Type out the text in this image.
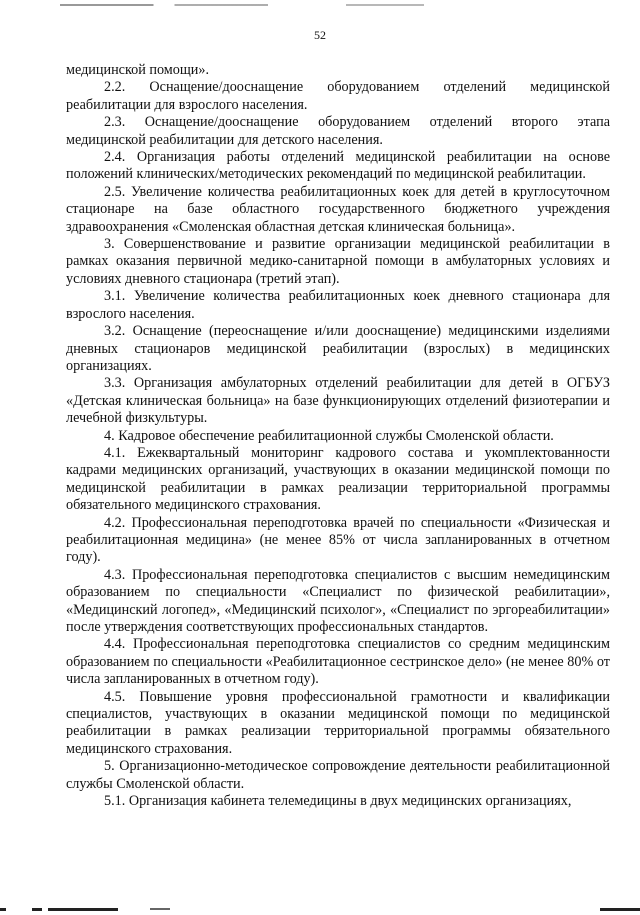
52

медицинской помощи».

2.2. Оснащение/дооснащение оборудованием отделений медицинской реабилитации для взрослого населения.

2.3. Оснащение/дооснащение оборудованием отделений второго этапа медицинской реабилитации для детского населения.

2.4. Организация работы отделений медицинской реабилитации на основе положений клинических/методических рекомендаций по медицинской реабилитации.

2.5. Увеличение количества реабилитационных коек для детей в круглосуточном стационаре на базе областного государственного бюджетного учреждения здравоохранения «Смоленская областная детская клиническая больница».

3. Совершенствование и развитие организации медицинской реабилитации в рамках оказания первичной медико-санитарной помощи в амбулаторных условиях и условиях дневного стационара (третий этап).

3.1. Увеличение количества реабилитационных коек дневного стационара для взрослого населения.

3.2. Оснащение (переоснащение и/или дооснащение) медицинскими изделиями дневных стационаров медицинской реабилитации (взрослых) в медицинских организациях.

3.3. Организация амбулаторных отделений реабилитации для детей в ОГБУЗ «Детская клиническая больница» на базе функционирующих отделений физиотерапии и лечебной физкультуры.

4. Кадровое обеспечение реабилитационной службы Смоленской области.

4.1. Ежеквартальный мониторинг кадрового состава и укомплектованности кадрами медицинских организаций, участвующих в оказании медицинской помощи по медицинской реабилитации в рамках реализации территориальной программы обязательного медицинского страхования.

4.2. Профессиональная переподготовка врачей по специальности «Физическая и реабилитационная медицина» (не менее 85% от числа запланированных в отчетном году).

4.3. Профессиональная переподготовка специалистов с высшим немедицинским образованием по специальности «Специалист по физической реабилитации», «Медицинский логопед», «Медицинский психолог», «Специалист по эргореабилитации» после утверждения соответствующих профессиональных стандартов.

4.4. Профессиональная переподготовка специалистов со средним медицинским образованием по специальности «Реабилитационное сестринское дело» (не менее 80% от числа запланированных в отчетном году).

4.5. Повышение уровня профессиональной грамотности и квалификации специалистов, участвующих в оказании медицинской помощи по медицинской реабилитации в рамках реализации территориальной программы обязательного медицинского страхования.

5. Организационно-методическое сопровождение деятельности реабилитационной службы Смоленской области.

5.1. Организация кабинета телемедицины в двух медицинских организациях,
